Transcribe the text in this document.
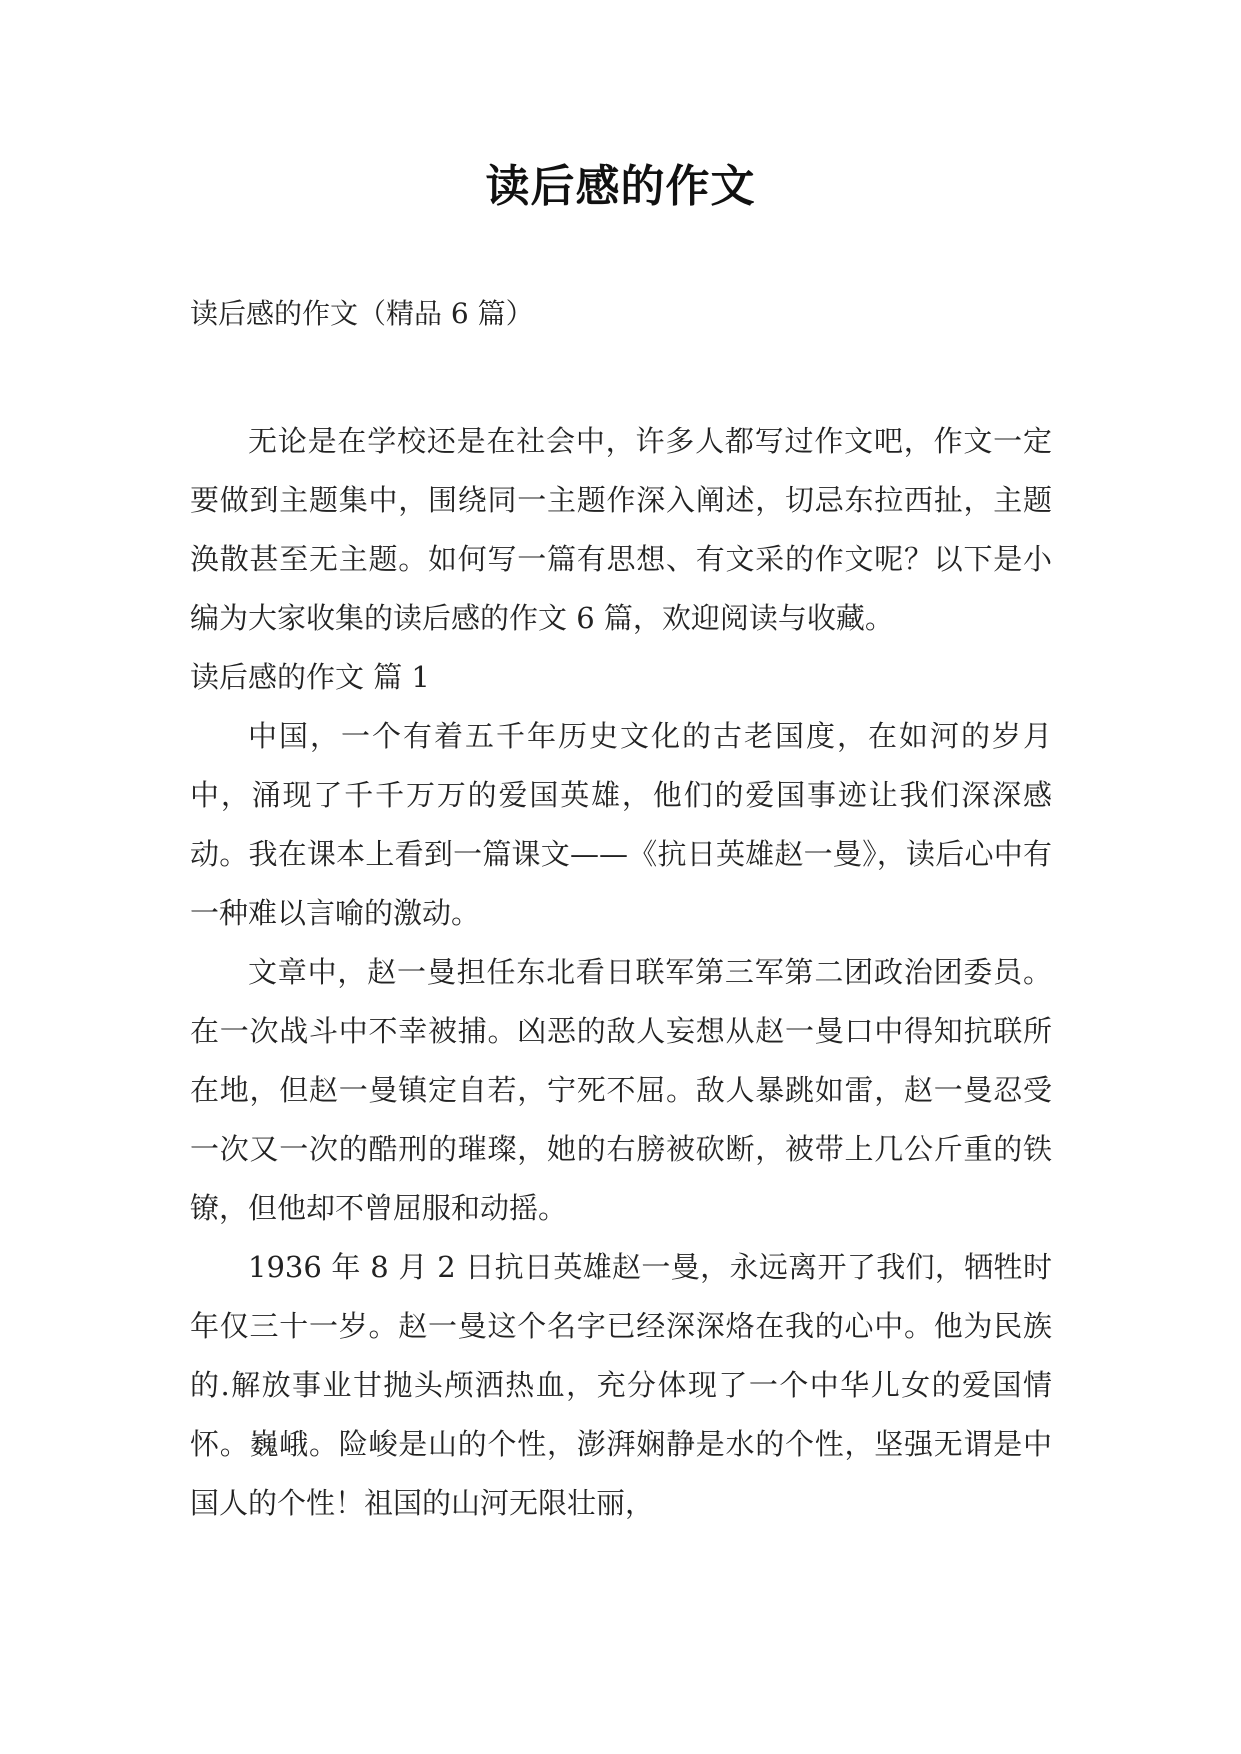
读后感的作文
读后感的作文（精品 6 篇）

无论是在学校还是在社会中，许多人都写过作文吧，作文一定要做到主题集中，围绕同一主题作深入阐述，切忌东拉西扯，主题涣散甚至无主题。如何写一篇有思想、有文采的作文呢？以下是小编为大家收集的读后感的作文 6 篇，欢迎阅读与收藏。

读后感的作文 篇 1

中国，一个有着五千年历史文化的古老国度，在如河的岁月中，涌现了千千万万的爱国英雄，他们的爱国事迹让我们深深感动。我在课本上看到一篇课文——《抗日英雄赵一曼》，读后心中有一种难以言喻的激动。

文章中，赵一曼担任东北看日联军第三军第二团政治团委员。在一次战斗中不幸被捕。凶恶的敌人妄想从赵一曼口中得知抗联所在地，但赵一曼镇定自若，宁死不屈。敌人暴跳如雷，赵一曼忍受一次又一次的酷刑的璀璨，她的右膀被砍断，被带上几公斤重的铁镣，但他却不曾屈服和动摇。

1936 年 8 月 2 日抗日英雄赵一曼，永远离开了我们，牺牲时年仅三十一岁。赵一曼这个名字已经深深烙在我的心中。他为民族的.解放事业甘抛头颅洒热血，充分体现了一个中华儿女的爱国情怀。巍峨。险峻是山的个性，澎湃娴静是水的个性，坚强无谓是中国人的个性！祖国的山河无限壮丽，
